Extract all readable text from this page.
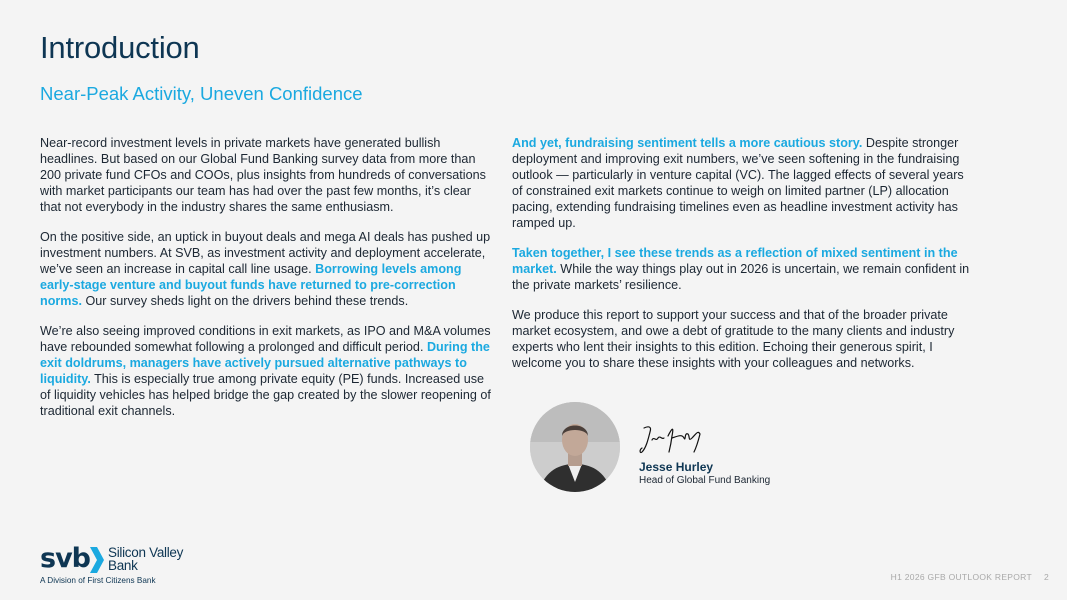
Introduction
Near-Peak Activity, Uneven Confidence

Near-record investment levels in private markets have generated bullish headlines. But based on our Global Fund Banking survey data from more than 200 private fund CFOs and COOs, plus insights from hundreds of conversations with market participants our team has had over the past few months, it’s clear that not everybody in the industry shares the same enthusiasm.

On the positive side, an uptick in buyout deals and mega AI deals has pushed up investment numbers. At SVB, as investment activity and deployment accelerate, we’ve seen an increase in capital call line usage. Borrowing levels among early-stage venture and buyout funds have returned to pre-correction norms. Our survey sheds light on the drivers behind these trends.

We’re also seeing improved conditions in exit markets, as IPO and M&A volumes have rebounded somewhat following a prolonged and difficult period. During the exit doldrums, managers have actively pursued alternative pathways to liquidity. This is especially true among private equity (PE) funds. Increased use of liquidity vehicles has helped bridge the gap created by the slower reopening of traditional exit channels.

And yet, fundraising sentiment tells a more cautious story. Despite stronger deployment and improving exit numbers, we’ve seen softening in the fundraising outlook — particularly in venture capital (VC). The lagged effects of several years of constrained exit markets continue to weigh on limited partner (LP) allocation pacing, extending fundraising timelines even as headline investment activity has ramped up.

Taken together, I see these trends as a reflection of mixed sentiment in the market. While the way things play out in 2026 is uncertain, we remain confident in the private markets’ resilience.

We produce this report to support your success and that of the broader private market ecosystem, and owe a debt of gratitude to the many clients and industry experts who lent their insights to this edition. Echoing their generous spirit, I welcome you to share these insights with your colleagues and networks.

Jesse Hurley
Head of Global Fund Banking
svb Silicon Valley
Bank
A Division of First Citizens Bank	H1 2026 GFB OUTLOOK REPORT 2
